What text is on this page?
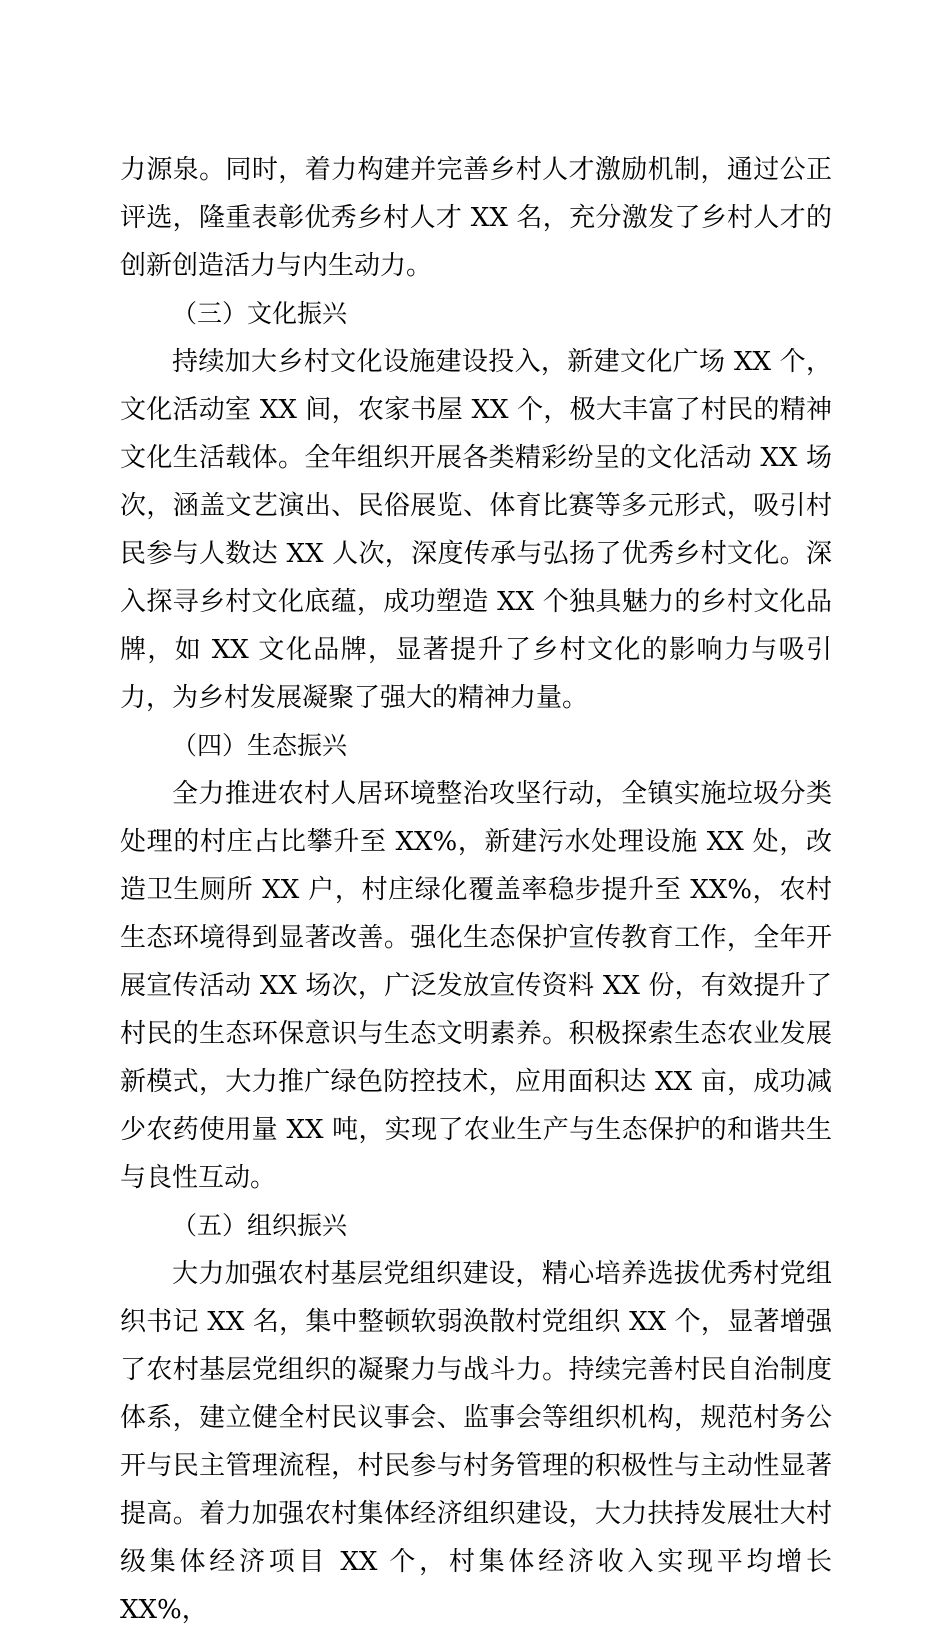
力源泉。同时，着力构建并完善乡村人才激励机制，通过公正评选，隆重表彰优秀乡村人才 XX 名，充分激发了乡村人才的创新创造活力与内生动力。

（三）文化振兴

持续加大乡村文化设施建设投入，新建文化广场 XX 个，文化活动室 XX 间，农家书屋 XX 个，极大丰富了村民的精神文化生活载体。全年组织开展各类精彩纷呈的文化活动 XX 场次，涵盖文艺演出、民俗展览、体育比赛等多元形式，吸引村民参与人数达 XX 人次，深度传承与弘扬了优秀乡村文化。深入探寻乡村文化底蕴，成功塑造 XX 个独具魅力的乡村文化品牌，如 XX 文化品牌，显著提升了乡村文化的影响力与吸引力，为乡村发展凝聚了强大的精神力量。

（四）生态振兴

全力推进农村人居环境整治攻坚行动，全镇实施垃圾分类处理的村庄占比攀升至 XX%，新建污水处理设施 XX 处，改造卫生厕所 XX 户，村庄绿化覆盖率稳步提升至 XX%，农村生态环境得到显著改善。强化生态保护宣传教育工作，全年开展宣传活动 XX 场次，广泛发放宣传资料 XX 份，有效提升了村民的生态环保意识与生态文明素养。积极探索生态农业发展新模式，大力推广绿色防控技术，应用面积达 XX 亩，成功减少农药使用量 XX 吨，实现了农业生产与生态保护的和谐共生与良性互动。

（五）组织振兴

大力加强农村基层党组织建设，精心培养选拔优秀村党组织书记 XX 名，集中整顿软弱涣散村党组织 XX 个，显著增强了农村基层党组织的凝聚力与战斗力。持续完善村民自治制度体系，建立健全村民议事会、监事会等组织机构，规范村务公开与民主管理流程，村民参与村务管理的积极性与主动性显著提高。着力加强农村集体经济组织建设，大力扶持发展壮大村级集体经济项目 XX 个，村集体经济收入实现平均增长 XX%，
